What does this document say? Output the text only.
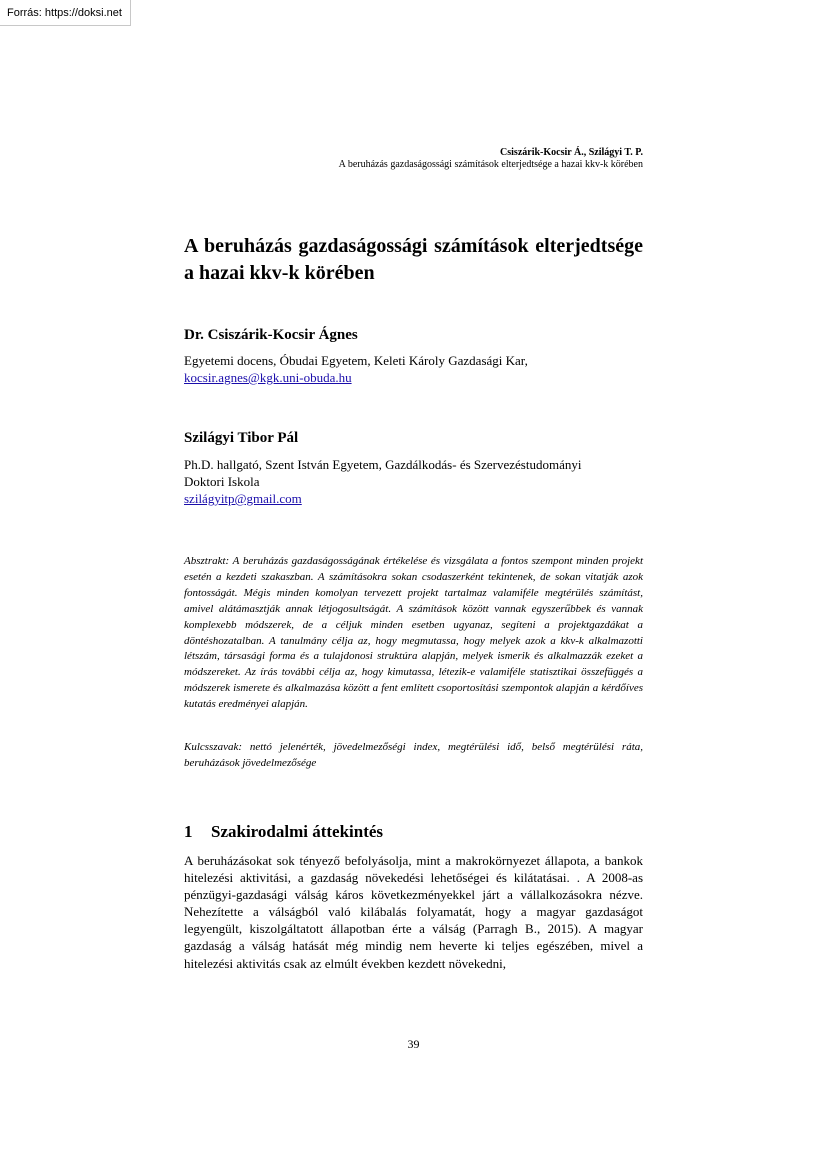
Forrás: https://doksi.net
Csiszárik-Kocsir Á., Szilágyi T. P.
A beruházás gazdaságossági számítások elterjedtsége a hazai kkv-k körében
A beruházás gazdaságossági számítások elterjedtsége a hazai kkv-k körében

Dr. Csiszárik-Kocsir Ágnes

Egyetemi docens, Óbudai Egyetem, Keleti Károly Gazdasági Kar,

kocsir.agnes@kgk.uni-obuda.hu

Szilágyi Tibor Pál

Ph.D. hallgató, Szent István Egyetem, Gazdálkodás- és Szervezéstudományi Doktori Iskola

szilágyitp@gmail.com

Absztrakt: A beruházás gazdaságosságának értékelése és vizsgálata a fontos szempont minden projekt esetén a kezdeti szakaszban. A számításokra sokan csodaszerként tekintenek, de sokan vitatják azok fontosságát. Mégis minden komolyan tervezett projekt tartalmaz valamiféle megtérülés számítást, amivel alátámasztják annak létjogosultságát. A számítások között vannak egyszerűbbek és vannak komplexebb módszerek, de a céljuk minden esetben ugyanaz, segíteni a projektgazdákat a döntéshozatalban. A tanulmány célja az, hogy megmutassa, hogy melyek azok a kkv-k alkalmazotti létszám, társasági forma és a tulajdonosi struktúra alapján, melyek ismerik és alkalmazzák ezeket a módszereket. Az írás további célja az, hogy kimutassa, létezik-e valamiféle statisztikai összefüggés a módszerek ismerete és alkalmazása között a fent említett csoportosítási szempontok alapján a kérdőíves kutatás eredményei alapján.

Kulcsszavak: nettó jelenérték, jövedelmezőségi index, megtérülési idő, belső megtérülési ráta, beruházások jövedelmezősége

1 Szakirodalmi áttekintés

A beruházásokat sok tényező befolyásolja, mint a makrokörnyezet állapota, a bankok hitelezési aktivitási, a gazdaság növekedési lehetőségei és kilátatásai. . A 2008-as pénzügyi-gazdasági válság káros következményekkel járt a vállalkozásokra nézve. Nehezítette a válságból való kilábalás folyamatát, hogy a magyar gazdaságot legyengült, kiszolgáltatott állapotban érte a válság (Parragh B., 2015). A magyar gazdaság a válság hatását még mindig nem heverte ki teljes egészében, mivel a hitelezési aktivitás csak az elmúlt években kezdett növekedni,

39
